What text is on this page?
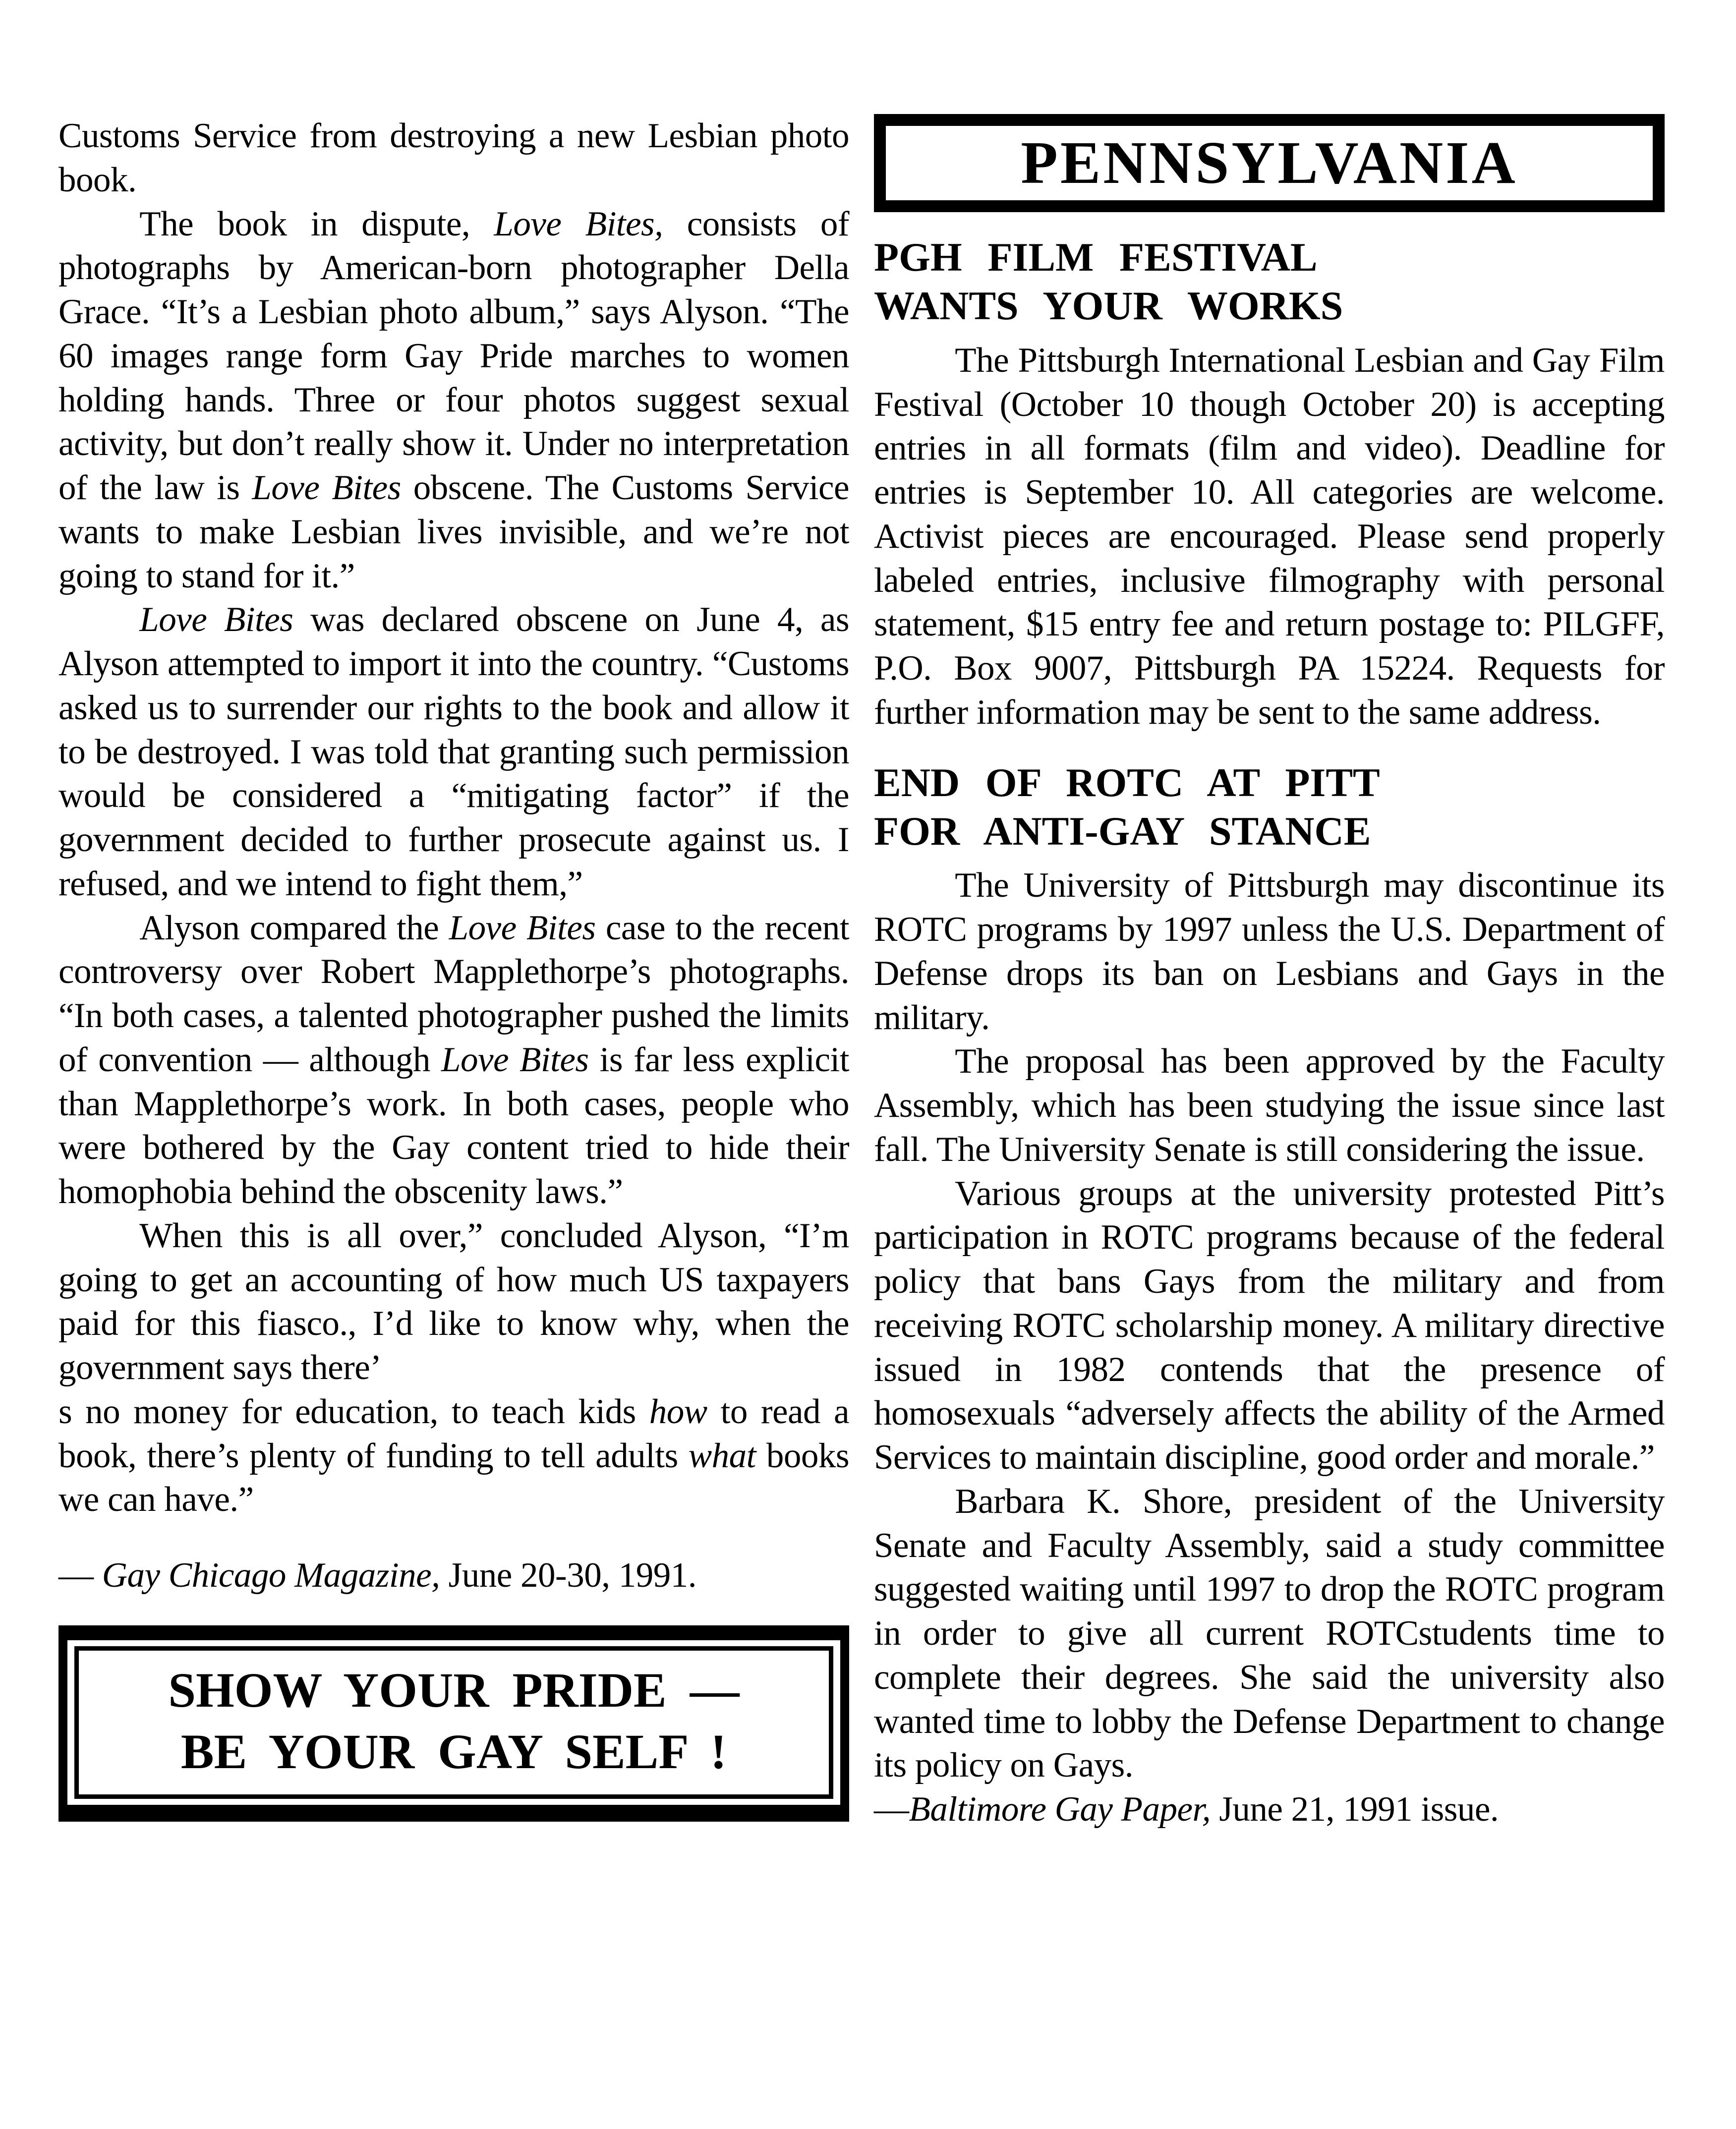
Customs Service from destroying a new Lesbian photo book.

The book in dispute, Love Bites, consists of photographs by American-born photographer Della Grace. “It’s a Lesbian photo album,” says Alyson. “The 60 images range form Gay Pride marches to women holding hands. Three or four photos suggest sexual activity, but don’t really show it. Under no interpretation of the law is Love Bites obscene. The Customs Service wants to make Lesbian lives invisible, and we’re not going to stand for it.”

Love Bites was declared obscene on June 4, as Alyson attempted to import it into the country. “Customs asked us to surrender our rights to the book and allow it to be destroyed. I was told that granting such permission would be considered a “mitigating factor” if the government decided to further prosecute against us. I refused, and we intend to fight them,”

Alyson compared the Love Bites case to the recent controversy over Robert Mapplethorpe’s photographs. “In both cases, a talented photographer pushed the limits of convention — although Love Bites is far less explicit than Mapplethorpe’s work. In both cases, people who were bothered by the Gay content tried to hide their homophobia behind the obscenity laws.”

When this is all over,” concluded Alyson, “I’m going to get an accounting of how much US taxpayers paid for this fiasco., I’d like to know why, when the government says there’

s no money for education, to teach kids how to read a book, there’s plenty of funding to tell adults what books we can have.”

— Gay Chicago Magazine, June 20-30, 1991.

SHOW YOUR PRIDE —
BE YOUR GAY SELF !
PENNSYLVANIA
PGH FILM FESTIVAL
WANTS YOUR WORKS

The Pittsburgh International Lesbian and Gay Film Festival (October 10 though October 20) is accepting entries in all formats (film and video). Deadline for entries is September 10. All categories are welcome. Activist pieces are encouraged. Please send properly labeled entries, inclusive filmography with personal statement, $15 entry fee and return postage to: PILGFF, P.O. Box 9007, Pittsburgh PA 15224. Requests for further information may be sent to the same address.

END OF ROTC AT PITT
FOR ANTI-GAY STANCE

The University of Pittsburgh may discontinue its ROTC programs by 1997 unless the U.S. Department of Defense drops its ban on Lesbians and Gays in the military.

The proposal has been approved by the Faculty Assembly, which has been studying the issue since last fall. The University Senate is still considering the issue.

Various groups at the university protested Pitt’s participation in ROTC programs because of the federal policy that bans Gays from the military and from receiving ROTC scholarship money. A military directive issued in 1982 contends that the presence of homosexuals “adversely affects the ability of the Armed Services to maintain discipline, good order and morale.”

Barbara K. Shore, president of the University Senate and Faculty Assembly, said a study committee suggested waiting until 1997 to drop the ROTC program in order to give all current ROTCstudents time to complete their degrees. She said the university also wanted time to lobby the Defense Department to change its policy on Gays.

—Baltimore Gay Paper, June 21, 1991 issue.
